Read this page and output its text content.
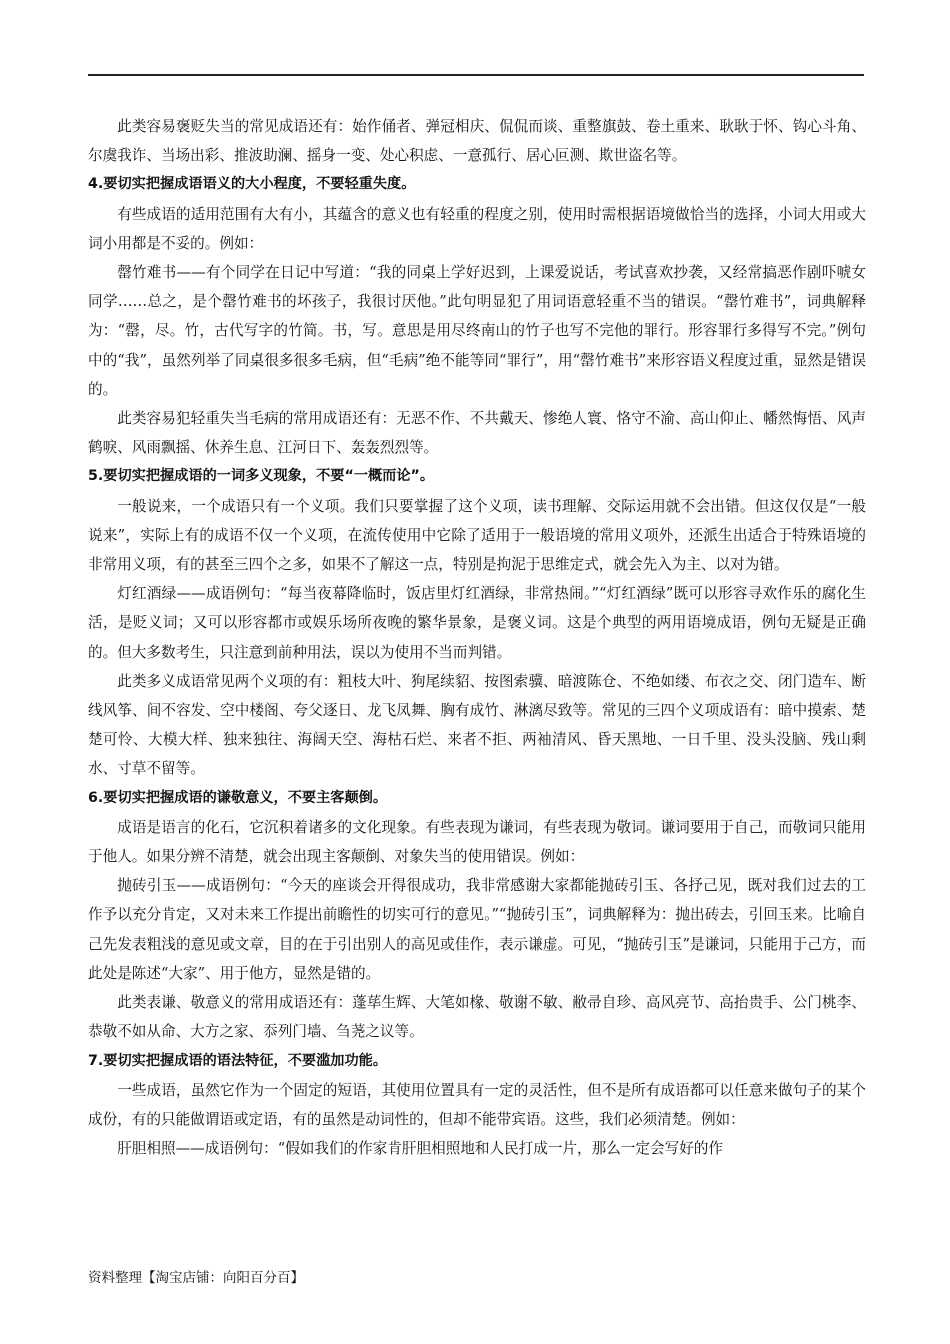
此类容易褒贬失当的常见成语还有：始作俑者、弹冠相庆、侃侃而谈、重整旗鼓、卷土重来、耿耿于怀、钩心斗角、尔虞我诈、当场出彩、推波助澜、摇身一变、处心积虑、一意孤行、居心叵测、欺世盗名等。

4.要切实把握成语语义的大小程度，不要轻重失度。

有些成语的适用范围有大有小，其蕴含的意义也有轻重的程度之别，使用时需根据语境做恰当的选择，小词大用或大词小用都是不妥的。例如：

罄竹难书——有个同学在日记中写道：“我的同桌上学好迟到，上课爱说话，考试喜欢抄袭，又经常搞恶作剧吓唬女同学……总之，是个罄竹难书的坏孩子，我很讨厌他。”此句明显犯了用词语意轻重不当的错误。“罄竹难书”，词典解释为：“罄，尽。竹，古代写字的竹简。书，写。意思是用尽终南山的竹子也写不完他的罪行。形容罪行多得写不完。”例句中的“我”，虽然列举了同桌很多很多毛病，但“毛病”绝不能等同“罪行”，用“罄竹难书”来形容语义程度过重，显然是错误的。

此类容易犯轻重失当毛病的常用成语还有：无恶不作、不共戴天、惨绝人寰、恪守不渝、高山仰止、幡然悔悟、风声鹤唳、风雨飘摇、休养生息、江河日下、轰轰烈烈等。

5.要切实把握成语的一词多义现象，不要“一概而论”。

一般说来，一个成语只有一个义项。我们只要掌握了这个义项，读书理解、交际运用就不会出错。但这仅仅是“一般说来”，实际上有的成语不仅一个义项，在流传使用中它除了适用于一般语境的常用义项外，还派生出适合于特殊语境的非常用义项，有的甚至三四个之多，如果不了解这一点，特别是拘泥于思维定式，就会先入为主、以对为错。

灯红酒绿——成语例句：“每当夜幕降临时，饭店里灯红酒绿，非常热闹。”“灯红酒绿”既可以形容寻欢作乐的腐化生活，是贬义词；又可以形容都市或娱乐场所夜晚的繁华景象，是褒义词。这是个典型的两用语境成语，例句无疑是正确的。但大多数考生，只注意到前种用法，误以为使用不当而判错。

此类多义成语常见两个义项的有：粗枝大叶、狗尾续貂、按图索骥、暗渡陈仓、不绝如缕、布衣之交、闭门造车、断线风筝、间不容发、空中楼阁、夸父逐日、龙飞凤舞、胸有成竹、淋漓尽致等。常见的三四个义项成语有：暗中摸索、楚楚可怜、大模大样、独来独往、海阔天空、海枯石烂、来者不拒、两袖清风、昏天黑地、一日千里、没头没脑、残山剩水、寸草不留等。

6.要切实把握成语的谦敬意义，不要主客颠倒。

成语是语言的化石，它沉积着诸多的文化现象。有些表现为谦词，有些表现为敬词。谦词要用于自己，而敬词只能用于他人。如果分辨不清楚，就会出现主客颠倒、对象失当的使用错误。例如：

抛砖引玉——成语例句：“今天的座谈会开得很成功，我非常感谢大家都能抛砖引玉、各抒己见，既对我们过去的工作予以充分肯定，又对未来工作提出前瞻性的切实可行的意见。”“抛砖引玉”，词典解释为：抛出砖去，引回玉来。比喻自己先发表粗浅的意见或文章，目的在于引出别人的高见或佳作，表示谦虚。可见，“抛砖引玉”是谦词，只能用于己方，而此处是陈述“大家”、用于他方，显然是错的。

此类表谦、敬意义的常用成语还有：蓬荜生辉、大笔如椽、敬谢不敏、敝帚自珍、高风亮节、高抬贵手、公门桃李、恭敬不如从命、大方之家、忝列门墙、刍荛之议等。

7.要切实把握成语的语法特征，不要滥加功能。

一些成语，虽然它作为一个固定的短语，其使用位置具有一定的灵活性，但不是所有成语都可以任意来做句子的某个成份，有的只能做谓语或定语，有的虽然是动词性的，但却不能带宾语。这些，我们必须清楚。例如：

肝胆相照——成语例句：“假如我们的作家肯肝胆相照地和人民打成一片，那么一定会写好的作

资料整理【淘宝店铺：向阳百分百】
